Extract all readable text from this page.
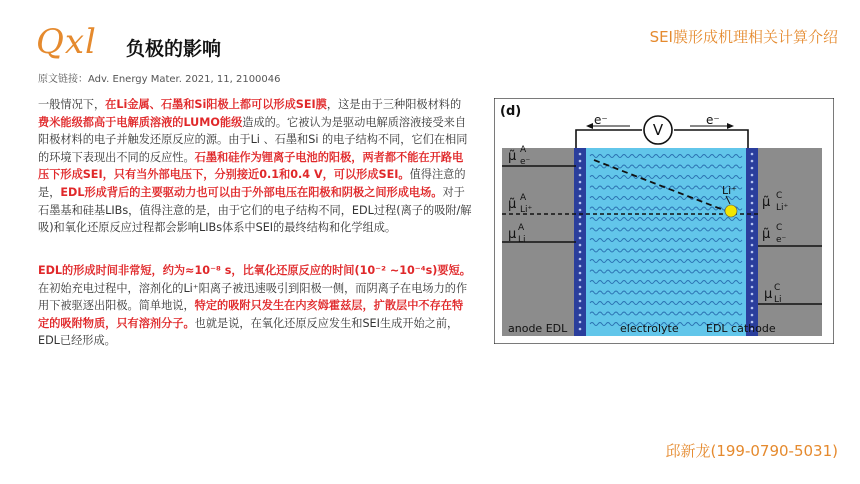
Qxl 负极的影响
SEI膜形成机理相关计算介绍
原文链接：Adv. Energy Mater. 2021, 11, 2100046
一般情况下，在Li金属、石墨和Si阳极上都可以形成SEI膜，这是由于三种阳极材料的费米能级都高于电解质溶液的LUMO能级造成的。它被认为是驱动电解质溶液接受来自阳极材料的电子并触发还原反应的源。由于Li 、石墨和Si 的电子结构不同，它们在相同的环境下表现出不同的反应性。石墨和硅作为锂离子电池的阳极，两者都不能在开路电压下形成SEI，只有当外部电压下，分别接近0.1和0.4 V，可以形成SEI。值得注意的是，EDL形成背后的主要驱动力也可以由于外部电压在阳极和阴极之间形成电场。对于石墨基和硅基LIBs，值得注意的是，由于它们的电子结构不同，EDL过程(离子的吸附/解吸)和氧化还原反应过程都会影响LIBs体系中SEI的最终结构和化学组成。
EDL的形成时间非常短，约为≈10⁻⁸ s，比氧化还原反应的时间(10⁻² ~10⁻⁴s)要短。在初始充电过程中，溶剂化的Li⁺阳离子被迅速吸引到阳极一侧，而阴离子在电场力的作用下被驱逐出阳极。简单地说，特定的吸附只发生在内亥姆霍兹层，扩散层中不存在特定的吸附物质，只有溶剂分子。也就是说，在氧化还原反应发生和SEI生成开始之前，EDL已经形成。
(d)
V
e⁻	e⁻
Li⁺
μ̃ A
e⁻
μ̃ A
Li⁺
μ A
Li
μ̃ C
Li⁺
μ̃ C
e⁻
μ C
Li
anode EDL	electrolyte EDL cathode
邱新龙(199-0790-5031)
